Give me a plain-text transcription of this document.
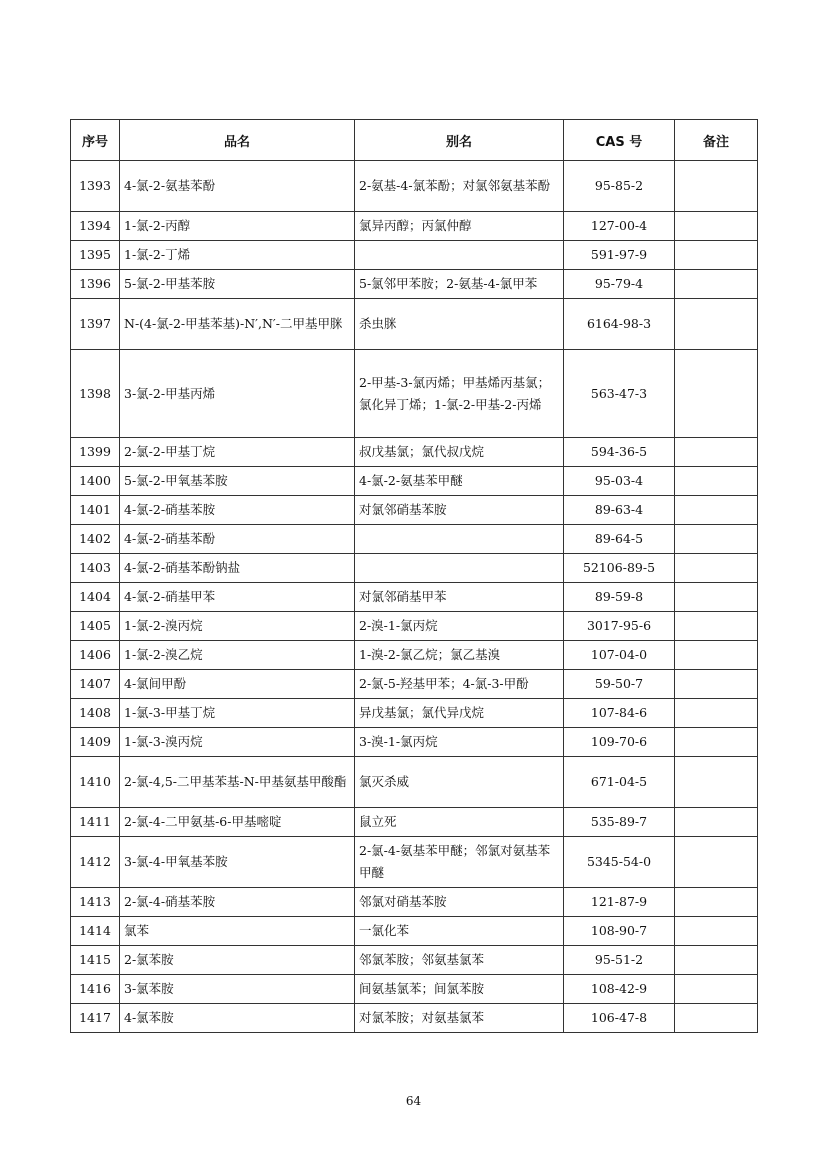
序号	品名	别名	CAS 号	备注
1393	4-氯-2-氨基苯酚	2-氨基-4-氯苯酚；对氯邻氨基苯酚	95-85-2	
1394	1-氯-2-丙醇	氯异丙醇；丙氯仲醇	127-00-4	
1395	1-氯-2-丁烯		591-97-9	
1396	5-氯-2-甲基苯胺	5-氯邻甲苯胺；2-氨基-4-氯甲苯	95-79-4	
1397	N-(4-氯-2-甲基苯基)-N′,N′-二甲基甲脒	杀虫脒	6164-98-3	
1398	3-氯-2-甲基丙烯	2-甲基-3-氯丙烯；甲基烯丙基氯；氯化异丁烯；1-氯-2-甲基-2-丙烯	563-47-3	
1399	2-氯-2-甲基丁烷	叔戊基氯；氯代叔戊烷	594-36-5	
1400	5-氯-2-甲氧基苯胺	4-氯-2-氨基苯甲醚	95-03-4	
1401	4-氯-2-硝基苯胺	对氯邻硝基苯胺	89-63-4	
1402	4-氯-2-硝基苯酚		89-64-5	
1403	4-氯-2-硝基苯酚钠盐		52106-89-5	
1404	4-氯-2-硝基甲苯	对氯邻硝基甲苯	89-59-8	
1405	1-氯-2-溴丙烷	2-溴-1-氯丙烷	3017-95-6	
1406	1-氯-2-溴乙烷	1-溴-2-氯乙烷；氯乙基溴	107-04-0	
1407	4-氯间甲酚	2-氯-5-羟基甲苯；4-氯-3-甲酚	59-50-7	
1408	1-氯-3-甲基丁烷	异戊基氯；氯代异戊烷	107-84-6	
1409	1-氯-3-溴丙烷	3-溴-1-氯丙烷	109-70-6	
1410	2-氯-4,5-二甲基苯基-N-甲基氨基甲酸酯	氯灭杀威	671-04-5	
1411	2-氯-4-二甲氨基-6-甲基嘧啶	鼠立死	535-89-7	
1412	3-氯-4-甲氧基苯胺	2-氯-4-氨基苯甲醚；邻氯对氨基苯甲醚	5345-54-0	
1413	2-氯-4-硝基苯胺	邻氯对硝基苯胺	121-87-9	
1414	氯苯	一氯化苯	108-90-7	
1415	2-氯苯胺	邻氯苯胺；邻氨基氯苯	95-51-2	
1416	3-氯苯胺	间氨基氯苯；间氯苯胺	108-42-9	
1417	4-氯苯胺	对氯苯胺；对氨基氯苯	106-47-8	
64
